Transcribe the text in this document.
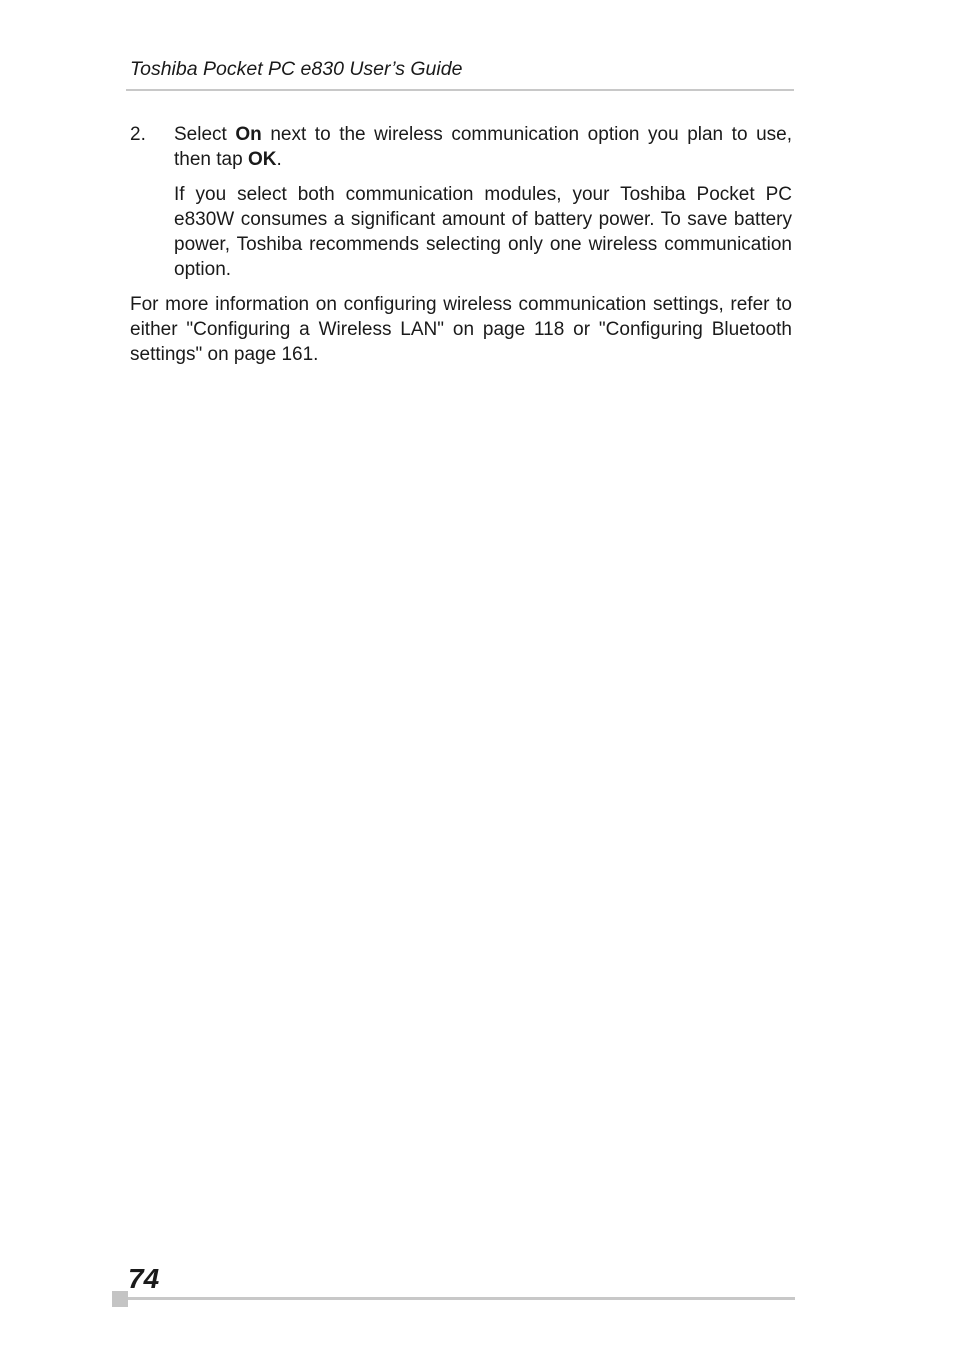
Toshiba Pocket PC e830 User’s Guide
2.	Select On next to the wireless communication option you plan to use, then tap OK.

If you select both communication modules, your Toshiba Pocket PC e830W consumes a significant amount of battery power. To save battery power, Toshiba recommends selecting only one wireless communication option.

For more information on configuring wireless communication settings, refer to either "Configuring a Wireless LAN" on page 118 or "Configuring Bluetooth settings" on page 161.

74
